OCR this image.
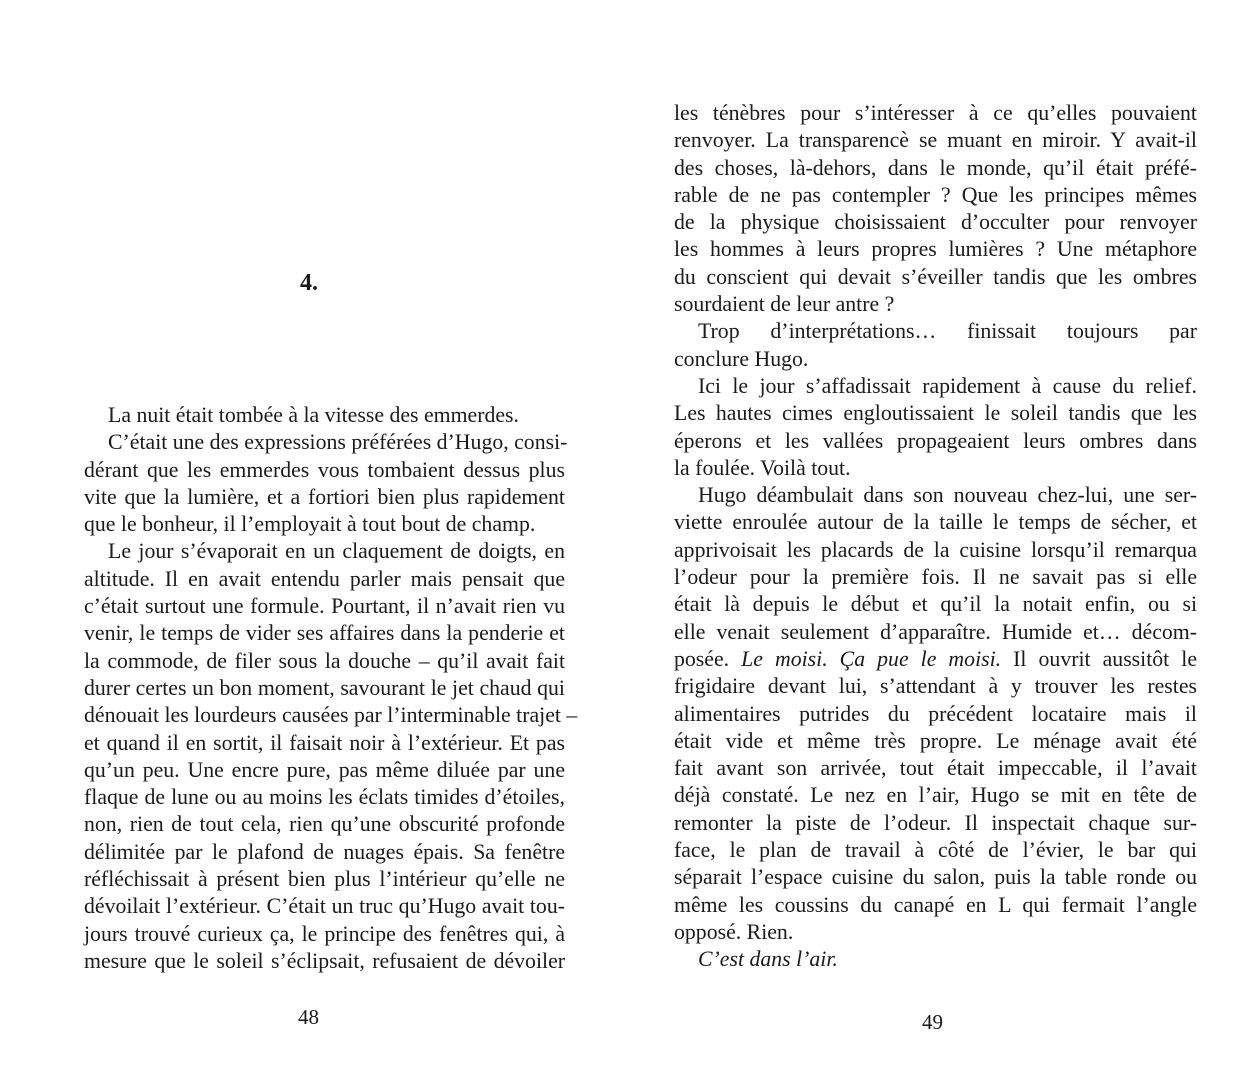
4.
La nuit était tombée à la vitesse des emmerdes.
C’était une des expressions préférées d’Hugo, consi-
dérant que les emmerdes vous tombaient dessus plus
vite que la lumière, et a fortiori bien plus rapidement
que le bonheur, il l’employait à tout bout de champ.
Le jour s’évaporait en un claquement de doigts, en
altitude. Il en avait entendu parler mais pensait que
c’était surtout une formule. Pourtant, il n’avait rien vu
venir, le temps de vider ses affaires dans la penderie et
la commode, de filer sous la douche – qu’il avait fait
durer certes un bon moment, savourant le jet chaud qui
dénouait les lourdeurs causées par l’interminable trajet –
et quand il en sortit, il faisait noir à l’extérieur. Et pas
qu’un peu. Une encre pure, pas même diluée par une
flaque de lune ou au moins les éclats timides d’étoiles,
non, rien de tout cela, rien qu’une obscurité profonde
délimitée par le plafond de nuages épais. Sa fenêtre
réfléchissait à présent bien plus l’intérieur qu’elle ne
dévoilait l’extérieur. C’était un truc qu’Hugo avait tou-
jours trouvé curieux ça, le principe des fenêtres qui, à
mesure que le soleil s’éclipsait, refusaient de dévoiler
48
les ténèbres pour s’intéresser à ce qu’elles pouvaient
renvoyer. La transparencè se muant en miroir. Y avait-il
des choses, là-dehors, dans le monde, qu’il était préfé-
rable de ne pas contempler ? Que les principes mêmes
de la physique choisissaient d’occulter pour renvoyer
les hommes à leurs propres lumières ? Une métaphore
du conscient qui devait s’éveiller tandis que les ombres
sourdaient de leur antre ?
Trop d’interprétations… finissait toujours par
conclure Hugo.
Ici le jour s’affadissait rapidement à cause du relief.
Les hautes cimes engloutissaient le soleil tandis que les
éperons et les vallées propageaient leurs ombres dans
la foulée. Voilà tout.
Hugo déambulait dans son nouveau chez-lui, une ser-
viette enroulée autour de la taille le temps de sécher, et
apprivoisait les placards de la cuisine lorsqu’il remarqua
l’odeur pour la première fois. Il ne savait pas si elle
était là depuis le début et qu’il la notait enfin, ou si
elle venait seulement d’apparaître. Humide et… décom-
posée. Le moisi. Ça pue le moisi. Il ouvrit aussitôt le
frigidaire devant lui, s’attendant à y trouver les restes
alimentaires putrides du précédent locataire mais il
était vide et même très propre. Le ménage avait été
fait avant son arrivée, tout était impeccable, il l’avait
déjà constaté. Le nez en l’air, Hugo se mit en tête de
remonter la piste de l’odeur. Il inspectait chaque sur-
face, le plan de travail à côté de l’évier, le bar qui
séparait l’espace cuisine du salon, puis la table ronde ou
même les coussins du canapé en L qui fermait l’angle
opposé. Rien.
C’est dans l’air.
49
